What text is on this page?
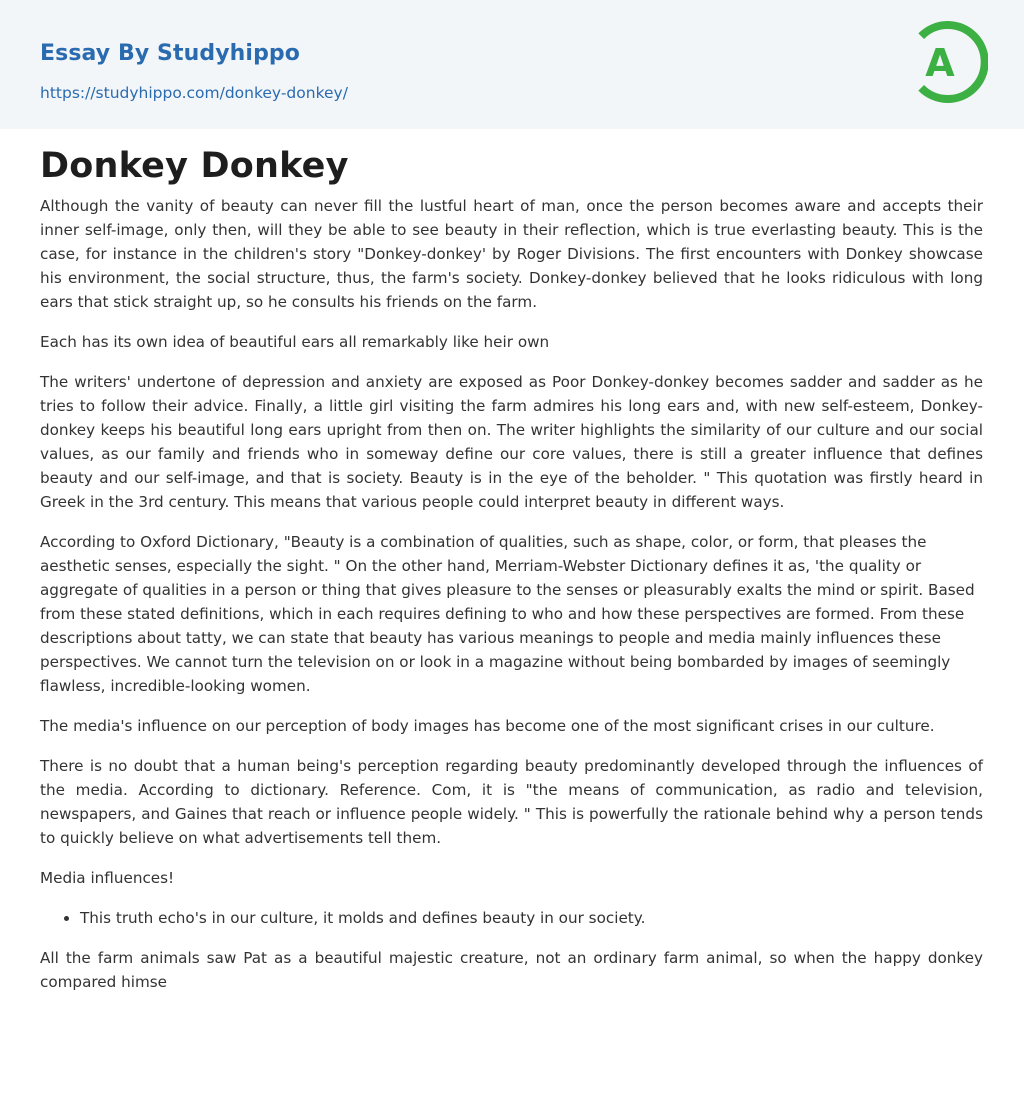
Essay By Studyhippo
https://studyhippo.com/donkey-donkey/
A
Donkey Donkey

Although the vanity of beauty can never fill the lustful heart of man, once the person becomes aware and accepts their inner self-image, only then, will they be able to see beauty in their reflection, which is true everlasting beauty. This is the case, for instance in the children's story "Donkey-donkey' by Roger Divisions. The first encounters with Donkey showcase his environment, the social structure, thus, the farm's society. Donkey-donkey believed that he looks ridiculous with long ears that stick straight up, so he consults his friends on the farm.

Each has its own idea of beautiful ears all remarkably like heir own

The writers' undertone of depression and anxiety are exposed as Poor Donkey-donkey becomes sadder and sadder as he tries to follow their advice. Finally, a little girl visiting the farm admires his long ears and, with new self-esteem, Donkey-donkey keeps his beautiful long ears upright from then on. The writer highlights the similarity of our culture and our social values, as our family and friends who in someway define our core values, there is still a greater influence that defines beauty and our self-image, and that is society. Beauty is in the eye of the beholder. " This quotation was firstly heard in Greek in the 3rd century. This means that various people could interpret beauty in different ways.

According to Oxford Dictionary, "Beauty is a combination of qualities, such as shape, color, or form, that pleases the aesthetic senses, especially the sight. " On the other hand, Merriam-Webster Dictionary defines it as, 'the quality or aggregate of qualities in a person or thing that gives pleasure to the senses or pleasurably exalts the mind or spirit. Based from these stated definitions, which in each requires defining to who and how these perspectives are formed. From these descriptions about tatty, we can state that beauty has various meanings to people and media mainly influences these perspectives. We cannot turn the television on or look in a magazine without being bombarded by images of seemingly flawless, incredible-looking women.

The media's influence on our perception of body images has become one of the most significant crises in our culture.

There is no doubt that a human being's perception regarding beauty predominantly developed through the influences of the media. According to dictionary. Reference. Com, it is "the means of communication, as radio and television, newspapers, and Gaines that reach or influence people widely. " This is powerfully the rationale behind why a person tends to quickly believe on what advertisements tell them.

Media influences!

• This truth echo's in our culture, it molds and defines beauty in our society.

All the farm animals saw Pat as a beautiful majestic creature, not an ordinary farm animal, so when the happy donkey compared himse
